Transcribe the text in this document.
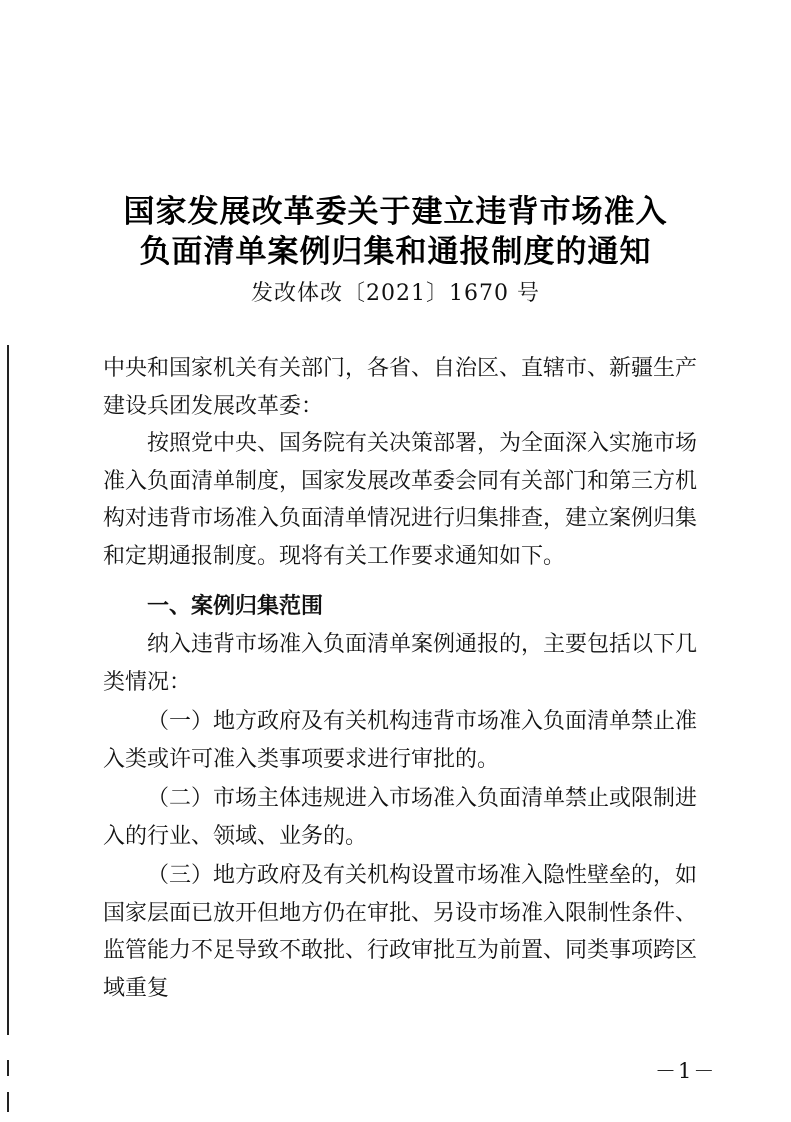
国家发展改革委关于建立违背市场准入
负面清单案例归集和通报制度的通知
发改体改〔2021〕1670 号

中央和国家机关有关部门，各省、自治区、直辖市、新疆生产建设兵团发展改革委：

按照党中央、国务院有关决策部署，为全面深入实施市场准入负面清单制度，国家发展改革委会同有关部门和第三方机构对违背市场准入负面清单情况进行归集排查，建立案例归集和定期通报制度。现将有关工作要求通知如下。

一、案例归集范围

纳入违背市场准入负面清单案例通报的，主要包括以下几类情况：

（一）地方政府及有关机构违背市场准入负面清单禁止准入类或许可准入类事项要求进行审批的。

（二）市场主体违规进入市场准入负面清单禁止或限制进入的行业、领域、业务的。

（三）地方政府及有关机构设置市场准入隐性壁垒的，如国家层面已放开但地方仍在审批、另设市场准入限制性条件、监管能力不足导致不敢批、行政审批互为前置、同类事项跨区域重复

－1－
